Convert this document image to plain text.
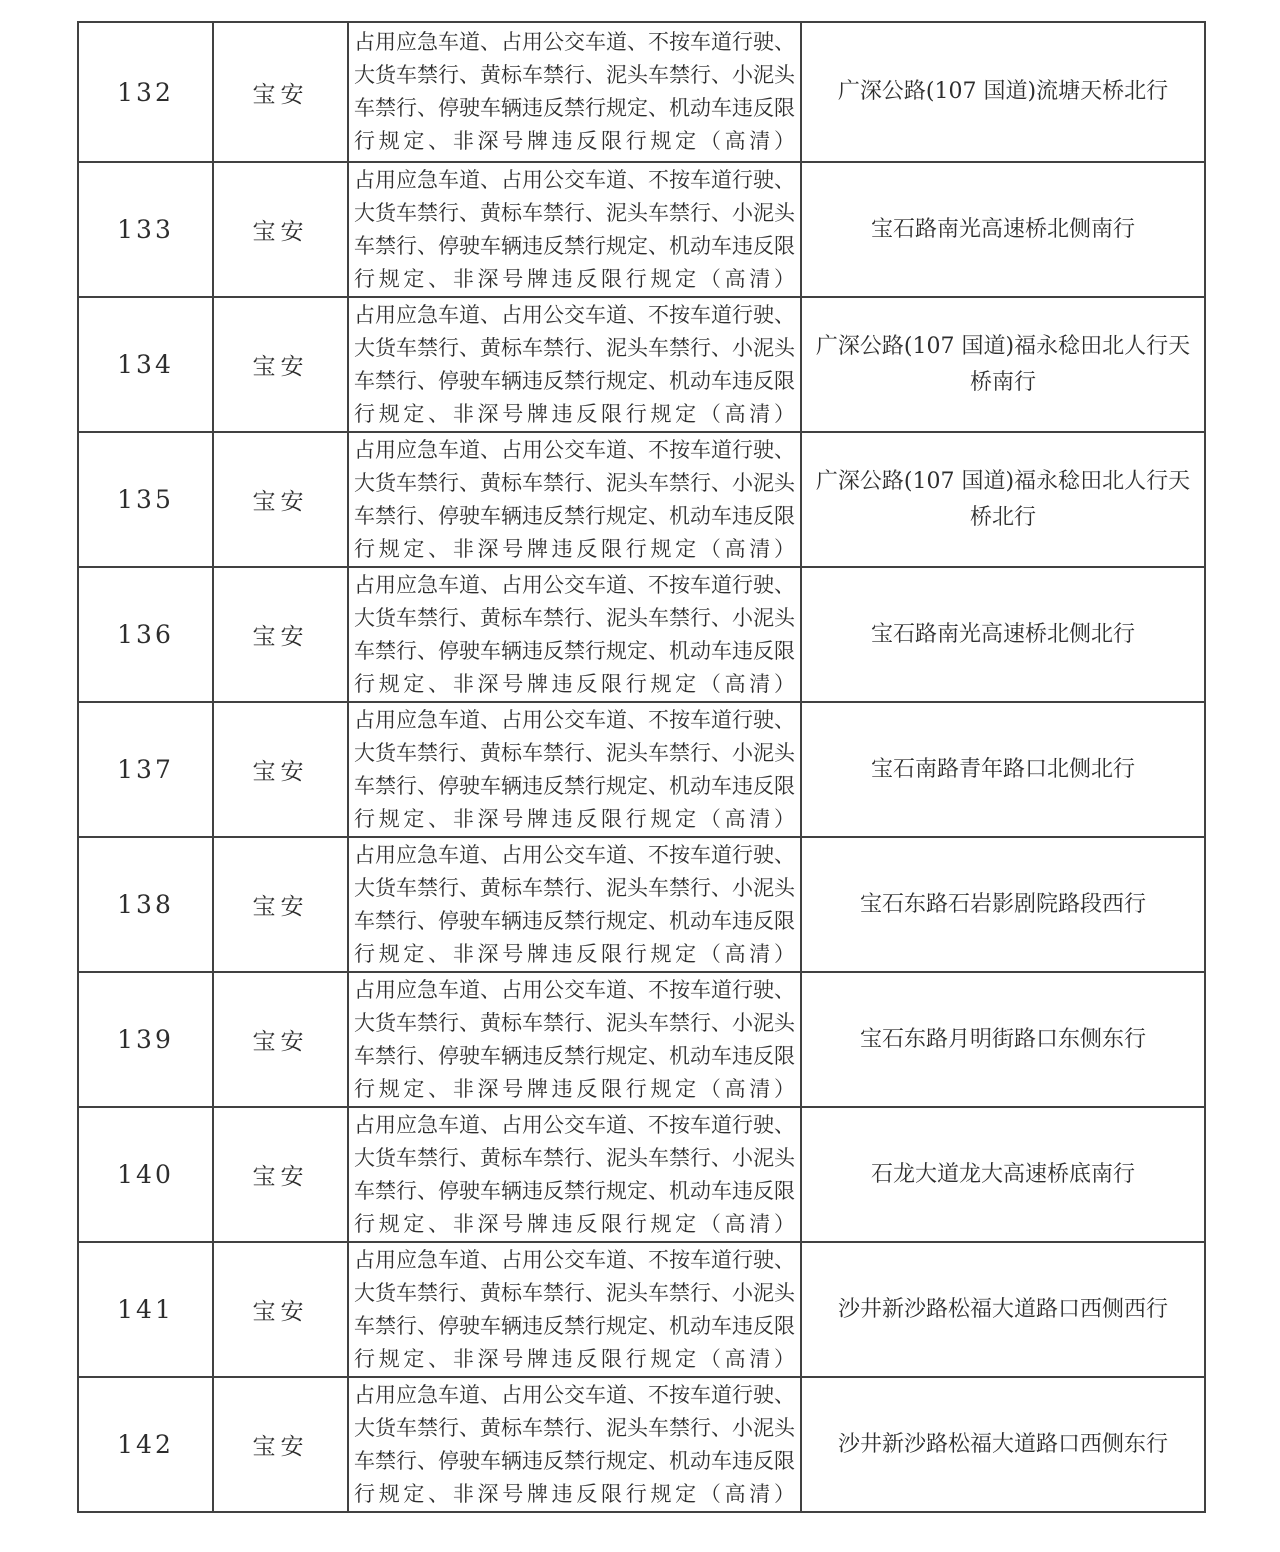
132	宝安	占用应急车道、占用公交车道、不按车道行驶、大货车禁行、黄标车禁行、泥头车禁行、小泥头车禁行、停驶车辆违反禁行规定、机动车违反限行规定、非深号牌违反限行规定（高清）	广深公路(107 国道)流塘天桥北行
133	宝安	占用应急车道、占用公交车道、不按车道行驶、大货车禁行、黄标车禁行、泥头车禁行、小泥头车禁行、停驶车辆违反禁行规定、机动车违反限行规定、非深号牌违反限行规定（高清）	宝石路南光高速桥北侧南行
134	宝安	占用应急车道、占用公交车道、不按车道行驶、大货车禁行、黄标车禁行、泥头车禁行、小泥头车禁行、停驶车辆违反禁行规定、机动车违反限行规定、非深号牌违反限行规定（高清）	广深公路(107 国道)福永稔田北人行天桥南行
135	宝安	占用应急车道、占用公交车道、不按车道行驶、大货车禁行、黄标车禁行、泥头车禁行、小泥头车禁行、停驶车辆违反禁行规定、机动车违反限行规定、非深号牌违反限行规定（高清）	广深公路(107 国道)福永稔田北人行天桥北行
136	宝安	占用应急车道、占用公交车道、不按车道行驶、大货车禁行、黄标车禁行、泥头车禁行、小泥头车禁行、停驶车辆违反禁行规定、机动车违反限行规定、非深号牌违反限行规定（高清）	宝石路南光高速桥北侧北行
137	宝安	占用应急车道、占用公交车道、不按车道行驶、大货车禁行、黄标车禁行、泥头车禁行、小泥头车禁行、停驶车辆违反禁行规定、机动车违反限行规定、非深号牌违反限行规定（高清）	宝石南路青年路口北侧北行
138	宝安	占用应急车道、占用公交车道、不按车道行驶、大货车禁行、黄标车禁行、泥头车禁行、小泥头车禁行、停驶车辆违反禁行规定、机动车违反限行规定、非深号牌违反限行规定（高清）	宝石东路石岩影剧院路段西行
139	宝安	占用应急车道、占用公交车道、不按车道行驶、大货车禁行、黄标车禁行、泥头车禁行、小泥头车禁行、停驶车辆违反禁行规定、机动车违反限行规定、非深号牌违反限行规定（高清）	宝石东路月明街路口东侧东行
140	宝安	占用应急车道、占用公交车道、不按车道行驶、大货车禁行、黄标车禁行、泥头车禁行、小泥头车禁行、停驶车辆违反禁行规定、机动车违反限行规定、非深号牌违反限行规定（高清）	石龙大道龙大高速桥底南行
141	宝安	占用应急车道、占用公交车道、不按车道行驶、大货车禁行、黄标车禁行、泥头车禁行、小泥头车禁行、停驶车辆违反禁行规定、机动车违反限行规定、非深号牌违反限行规定（高清）	沙井新沙路松福大道路口西侧西行
142	宝安	占用应急车道、占用公交车道、不按车道行驶、大货车禁行、黄标车禁行、泥头车禁行、小泥头车禁行、停驶车辆违反禁行规定、机动车违反限行规定、非深号牌违反限行规定（高清）	沙井新沙路松福大道路口西侧东行
